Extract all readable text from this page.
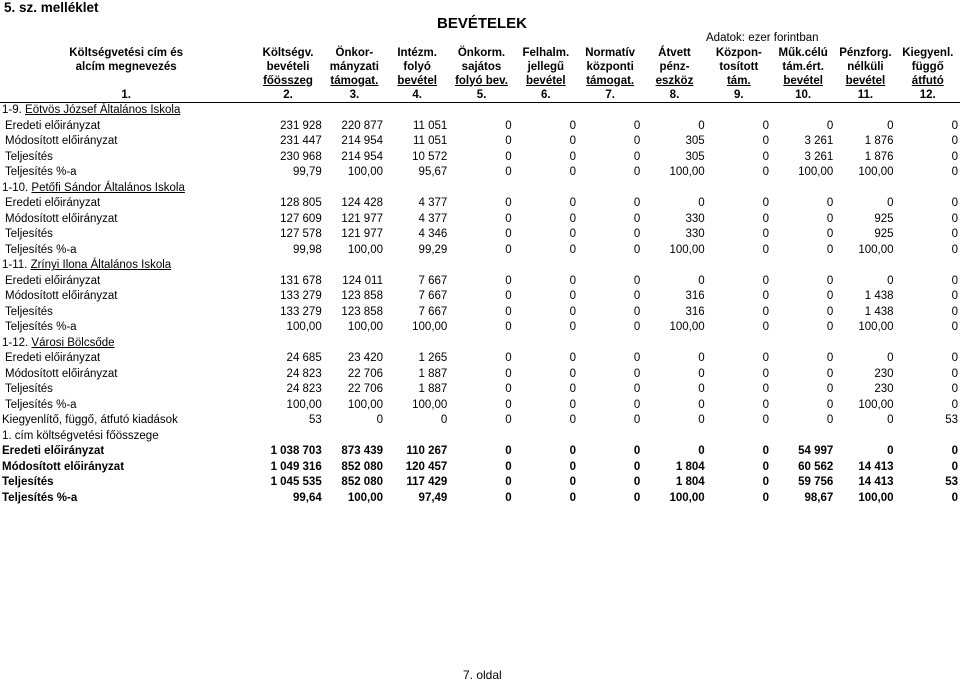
5. sz. melléklet
BEVÉTELEK
Adatok: ezer forintban
Költségvetési cím és	Költségv.	Önkor-	Intézm.	Önkorm.	Felhalm.	Normatív	Átvett	Közpon-	Műk.célú	Pénzforg.	Kiegyenl.
alcím megnevezés	bevételi	mányzati	folyó	sajátos	jellegű	központi	pénz-	tosított	tám.ért.	nélküli	függő
	főösszeg	támogat.	bevétel	folyó bev.	bevétel	támogat.	eszköz	tám.	bevétel	bevétel	átfutó
1.	2.	3.	4.	5.	6.	7.	8.	9.	10.	11.	12.
1-9. Eötvös József Általános Iskola											
Eredeti előirányzat	231 928	220 877	11 051	0	0	0	0	0	0	0	0
Módosított előirányzat	231 447	214 954	11 051	0	0	0	305	0	3 261	1 876	0
Teljesítés	230 968	214 954	10 572	0	0	0	305	0	3 261	1 876	0
Teljesítés %-a	99,79	100,00	95,67	0	0	0	100,00	0	100,00	100,00	0
1-10. Petőfi Sándor Általános Iskola											
Eredeti előirányzat	128 805	124 428	4 377	0	0	0	0	0	0	0	0
Módosított előirányzat	127 609	121 977	4 377	0	0	0	330	0	0	925	0
Teljesítés	127 578	121 977	4 346	0	0	0	330	0	0	925	0
Teljesítés %-a	99,98	100,00	99,29	0	0	0	100,00	0	0	100,00	0
1-11. Zrínyi Ilona Általános Iskola											
Eredeti előirányzat	131 678	124 011	7 667	0	0	0	0	0	0	0	0
Módosított előirányzat	133 279	123 858	7 667	0	0	0	316	0	0	1 438	0
Teljesítés	133 279	123 858	7 667	0	0	0	316	0	0	1 438	0
Teljesítés %-a	100,00	100,00	100,00	0	0	0	100,00	0	0	100,00	0
1-12. Városi Bölcsőde											
Eredeti előirányzat	24 685	23 420	1 265	0	0	0	0	0	0	0	0
Módosított előirányzat	24 823	22 706	1 887	0	0	0	0	0	0	230	0
Teljesítés	24 823	22 706	1 887	0	0	0	0	0	0	230	0
Teljesítés %-a	100,00	100,00	100,00	0	0	0	0	0	0	100,00	0
Kiegyenlítő, függő, átfutó kiadások	53	0	0	0	0	0	0	0	0	0	53
1. cím költségvetési főösszege											
Eredeti előirányzat	1 038 703	873 439	110 267	0	0	0	0	0	54 997	0	0
Módosított előirányzat	1 049 316	852 080	120 457	0	0	0	1 804	0	60 562	14 413	0
Teljesítés	1 045 535	852 080	117 429	0	0	0	1 804	0	59 756	14 413	53
Teljesítés %-a	99,64	100,00	97,49	0	0	0	100,00	0	98,67	100,00	0
7. oldal
